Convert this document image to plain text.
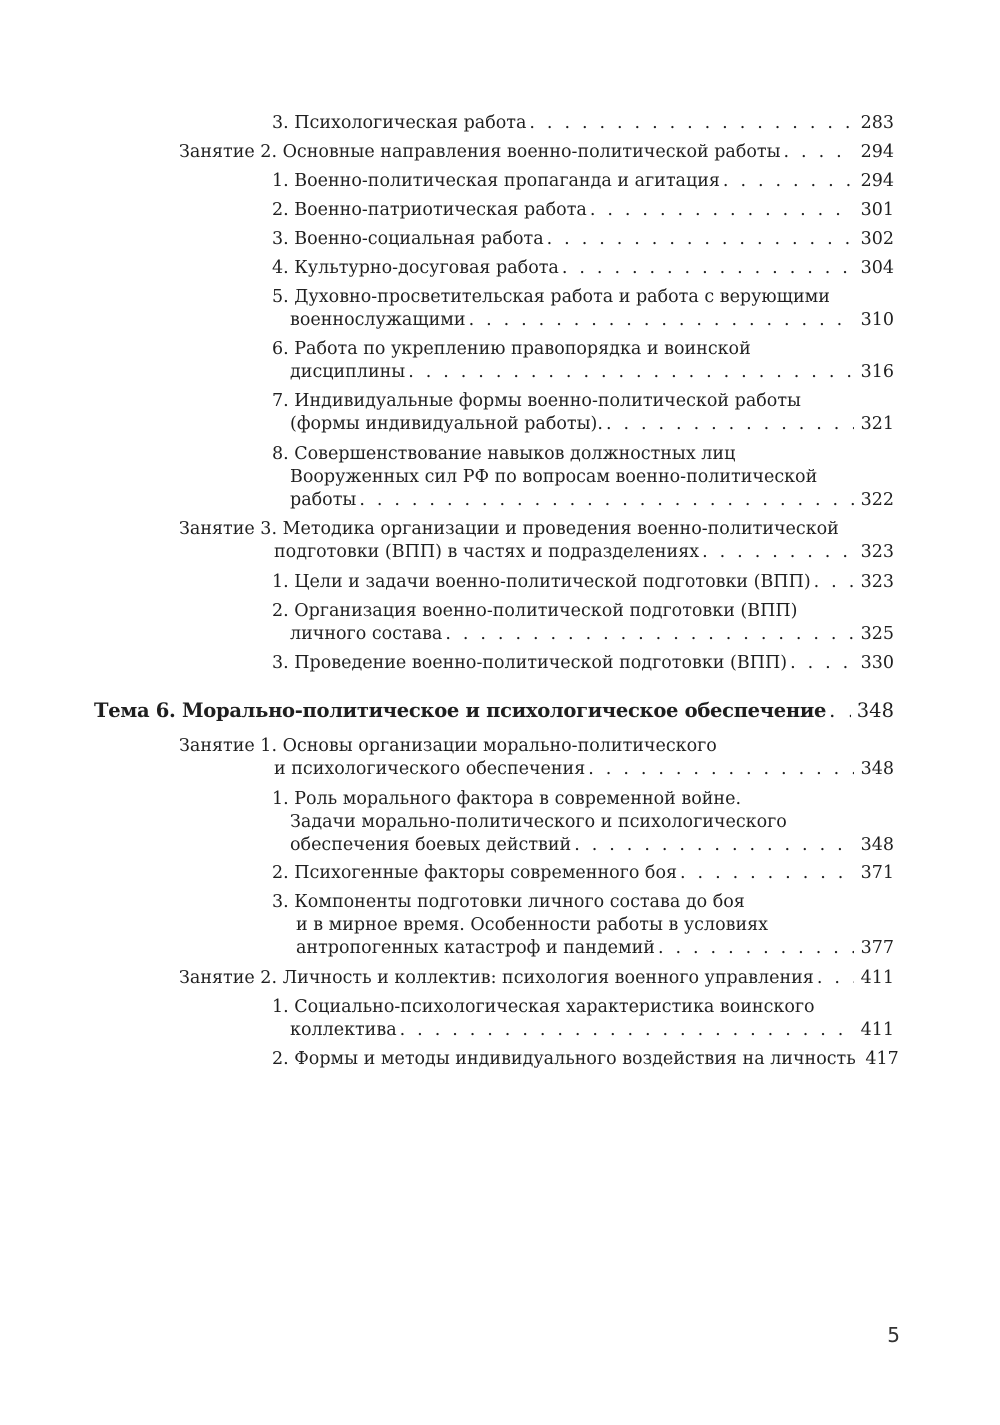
3. Психологическая работа . . .	283
Занятие 2. Основные направления военно-политической работы . . .	294
1. Военно-политическая пропаганда и агитация . . .	294
2. Военно-патриотическая работа . . .	301
3. Военно-социальная работа . . .	302
4. Культурно-досуговая работа . . .	304
5. Духовно-просветительская работа и работа с верующими
военнослужащими . . .	310
6. Работа по укреплению правопорядка и воинской
дисциплины . . .	316
7. Индивидуальные формы военно-политической работы
(формы индивидуальной работы). . . .	321
8. Совершенствование навыков должностных лиц
Вооруженных сил РФ по вопросам военно-политической
работы . . .	322
Занятие 3. Методика организации и проведения военно-политической
подготовки (ВПП) в частях и подразделениях . . .	323
1. Цели и задачи военно-политической подготовки (ВПП) . . .	323
2. Организация военно-политической подготовки (ВПП)
личного состава . . .	325
3. Проведение военно-политической подготовки (ВПП) . . .	330
Тема 6. Морально-политическое и психологическое обеспечение . . . 348
Занятие 1. Основы организации морально-политического
и психологического обеспечения . . .	348
1. Роль морального фактора в современной войне.
Задачи морально-политического и психологического
обеспечения боевых действий . . .	348
2. Психогенные факторы современного боя . . .	371
3. Компоненты подготовки личного состава до боя
и в мирное время. Особенности работы в условиях
антропогенных катастроф и пандемий . . .	377
Занятие 2. Личность и коллектив: психология военного управления . . .	411
1. Социально-психологическая характеристика воинского
коллектива . . .	411
2. Формы и методы индивидуального воздействия на личность . . . 417
5
